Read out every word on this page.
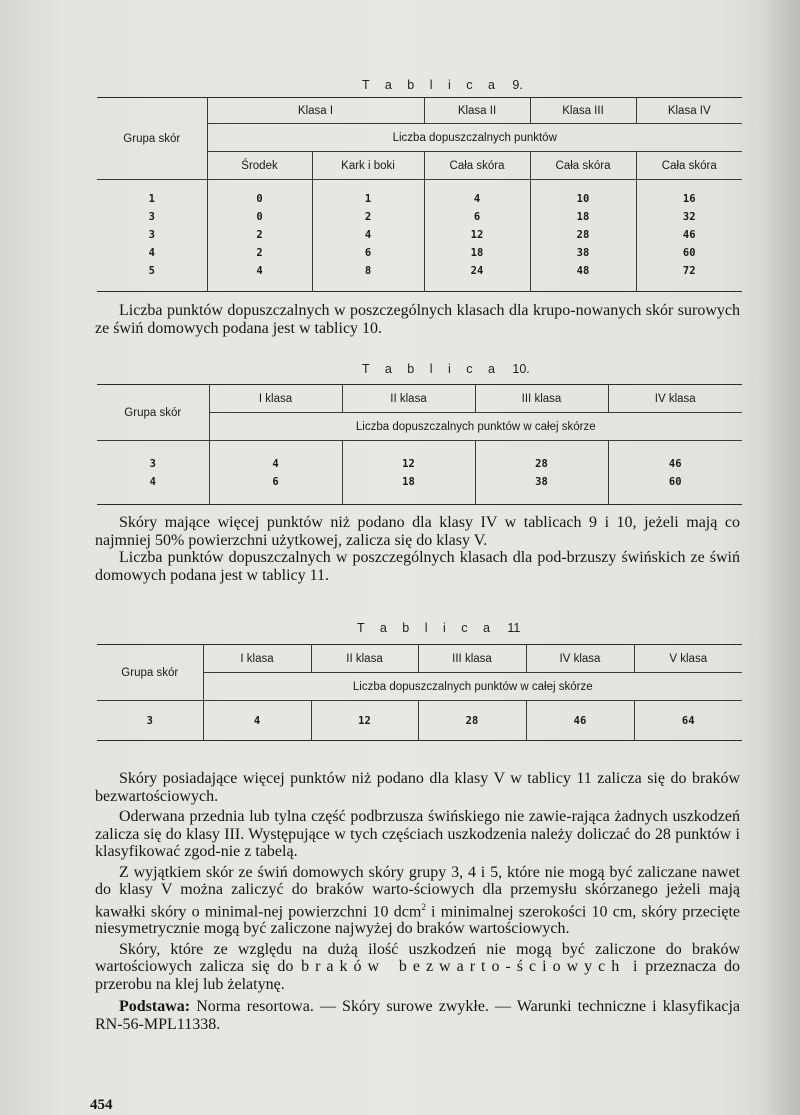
T a b l i c a 9.
Grupa skór	Klasa I		Klasa II	Klasa III	Klasa IV
	Liczba dopuszczalnych punktów				
	Środek	Kark i boki	Cała skóra	Cała skóra	Cała skóra

1	0	1	4	10	16
3	0	2	6	18	32
3	2	4	12	28	46
4	2	6	18	38	60
5	4	8	24	48	72

Liczba punktów dopuszczalnych w poszczególnych klasach dla krupo-nowanych skór surowych ze świń domowych podana jest w tablicy 10.

T a b l i c a 10.
Grupa skór	I klasa	II klasa	III klasa	IV klasa
	Liczba dopuszczalnych punktów w całej skórze			

3	4	12	28	46
4	6	18	38	60

Skóry mające więcej punktów niż podano dla klasy IV w tablicach 9 i 10, jeżeli mają co najmniej 50% powierzchni użytkowej, zalicza się do klasy V.

Liczba punktów dopuszczalnych w poszczególnych klasach dla pod-brzuszy świńskich ze świń domowych podana jest w tablicy 11.

T a b l i c a 11
Grupa skór	I klasa	II klasa	III klasa	IV klasa	V klasa
	Liczba dopuszczalnych punktów w całej skórze				
3	4	12	28	46	64

Skóry posiadające więcej punktów niż podano dla klasy V w tablicy 11 zalicza się do braków bezwartościowych.

Oderwana przednia lub tylna część podbrzusza świńskiego nie zawie-rająca żadnych uszkodzeń zalicza się do klasy III. Występujące w tych częściach uszkodzenia należy doliczać do 28 punktów i klasyfikować zgod-nie z tabelą.

Z wyjątkiem skór ze świń domowych skóry grupy 3, 4 i 5, które nie mogą być zaliczane nawet do klasy V można zaliczyć do braków warto-ściowych dla przemysłu skórzanego jeżeli mają kawałki skóry o minimal-nej powierzchni 10 dcm$^2$ i minimalnej szerokości 10 cm, skóry przecięte niesymetrycznie mogą być zaliczone najwyżej do braków wartościowych.

Skóry, które ze względu na dużą ilość uszkodzeń nie mogą być zaliczone do braków wartościowych zalicza się do braków bezwarto-ściowych i przeznacza do przerobu na klej lub żelatynę.

Podstawa: Norma resortowa. — Skóry surowe zwykłe. — Warunki techniczne i klasyfikacja RN-56-MPL11338.

454
